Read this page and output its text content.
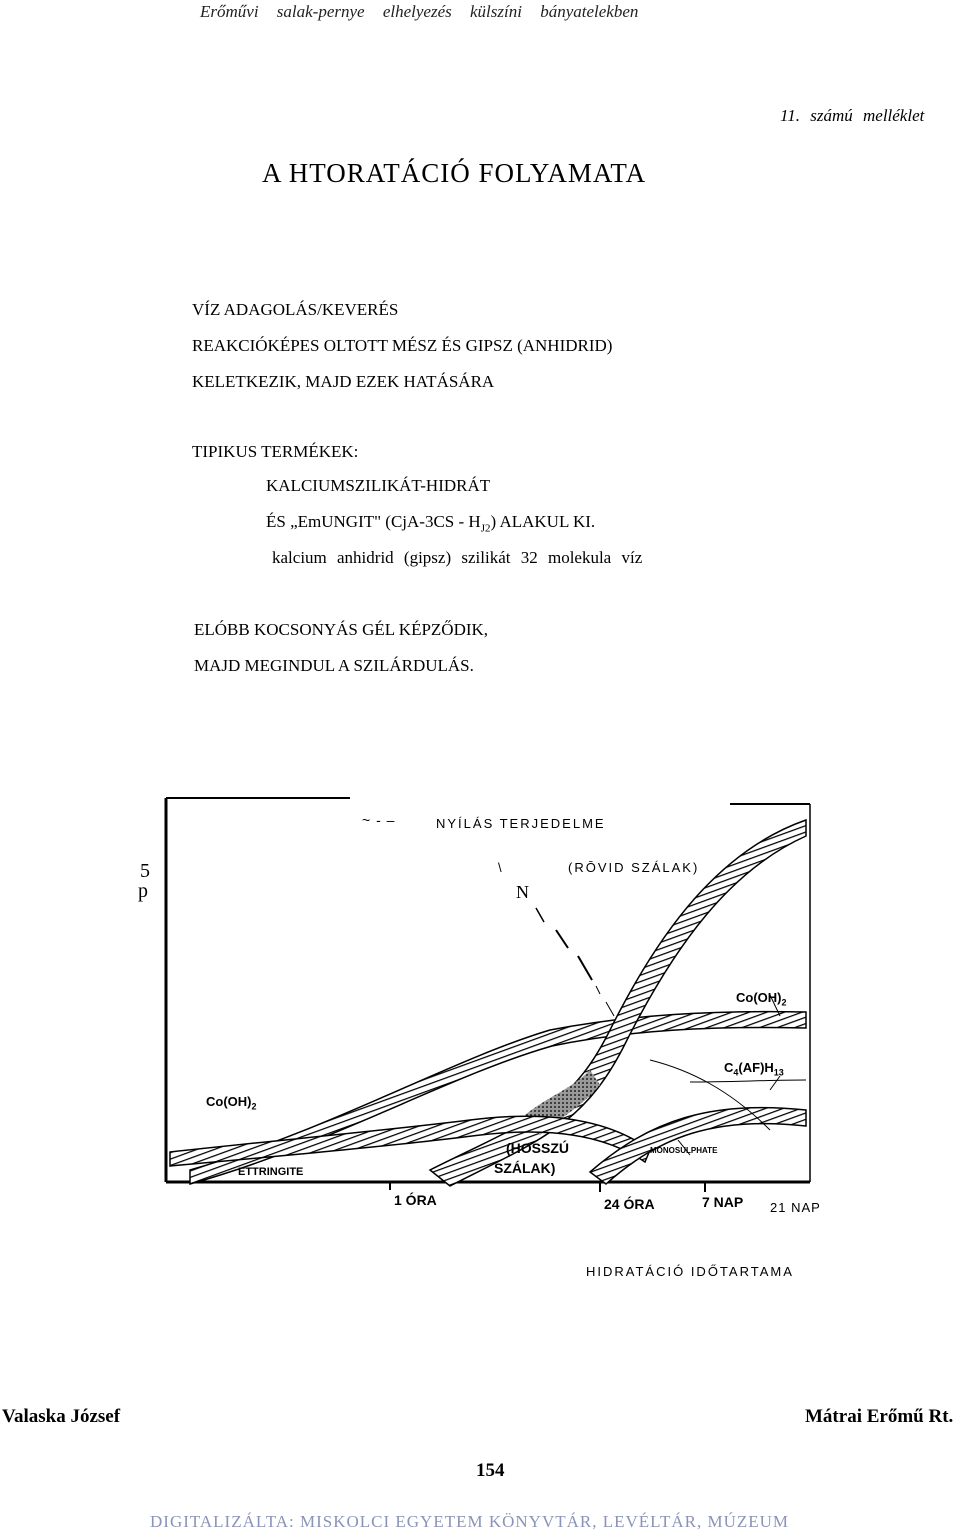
Erőművi salak-pernye elhelyezés külszíni bányatelekben
11. számú melléklet
A HTORATÁCIÓ FOLYAMATA
VÍZ ADAGOLÁS/KEVERÉS
REAKCIÓKÉPES OLTOTT MÉSZ ÉS GIPSZ (ANHIDRID)
KELETKEZIK, MAJD EZEK HATÁSÁRA
TIPIKUS TERMÉKEK:
KALCIUMSZILIKÁT-HIDRÁT
ÉS „EmUNGIT" $(CjA-3CS - H_{J2})$ ALAKUL KI.
kalcium anhidrid (gipsz) szilikát 32 molekula víz
ELÓBB KOCSONYÁS GÉL KÉPZŐDIK,
MAJD MEGINDUL A SZILÁRDULÁS.
~ - –	NYÍLÁS TERJEDELME
\	(RŌVID SZÁLAK)
N
5
p
$Co(OH)_2$
$C_4(AF)H_{13}$
$Co(OH)_2$
(HOSSZÚ
SZÁLAK)
ETTRINGITE
MONOSULPHATE
1 ÓRA	24 ÓRA	7 NAP 21 NAP
HIDRATÁCIÓ IDŐTARTAMA
Valaska József	Mátrai Erőmű Rt.
154
DIGITALIZÁLTA: MISKOLCI EGYETEM KÖNYVTÁR, LEVÉLTÁR, MÚZEUM
